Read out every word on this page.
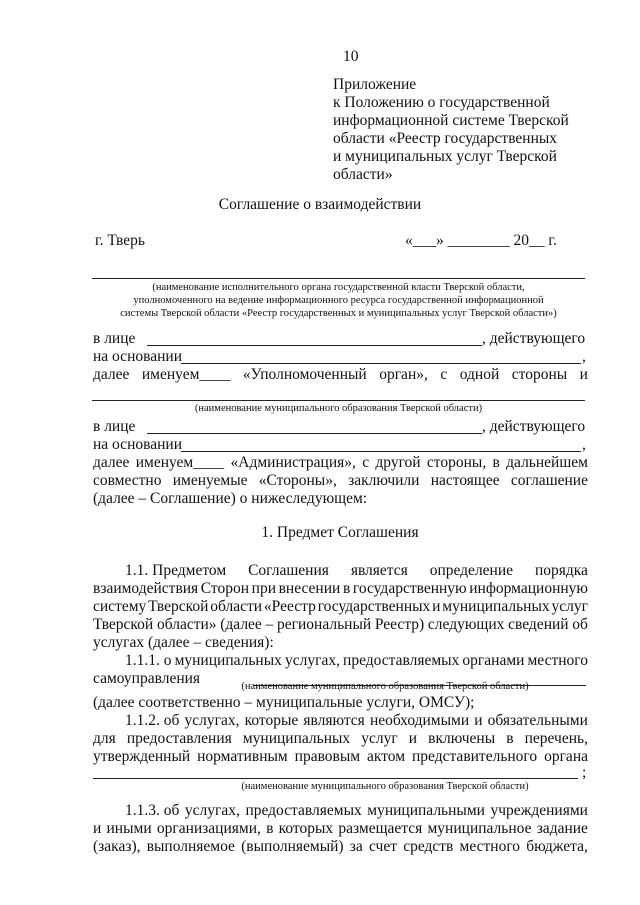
10
Приложение
к Положению о государственной
информационной системе Тверской
области «Реестр государственных
и муниципальных услуг Тверской
области»
Соглашение о взаимодействии
г. Тверь	«___» ________ 20__ г.
(наименование исполнительного органа государственной власти Тверской области,
уполномоченного на ведение информационного ресурса государственной информационной
системы Тверской области «Реестр государственных и муниципальных услуг Тверской области»)
в лице	, действующего
на основании	,
далее именуем____ «Уполномоченный орган», с одной стороны и
(наименование муниципального образования Тверской области)
в лице	, действующего
на основании	,
далее именуем____ «Администрация», с другой стороны, в дальнейшем
совместно именуемые «Стороны», заключили настоящее соглашение
(далее – Соглашение) о нижеследующем:
1. Предмет Соглашения
1.1. Предметом Соглашения является определение порядка
взаимодействия Сторон при внесении в государственную информационную
систему Тверской области «Реестр государственных и муниципальных услуг
Тверской области» (далее – региональный Реестр) следующих сведений об
услугах (далее – сведения):
1.1.1. о муниципальных услугах, предоставляемых органами местного
самоуправления	(наименование муниципального образования Тверской области)
(далее соответственно – муниципальные услуги, ОМСУ);
1.1.2. об услугах, которые являются необходимыми и обязательными
для предоставления муниципальных услуг и включены в перечень,
утвержденный нормативным правовым актом представительного органа
;
(наименование муниципального образования Тверской области)
1.1.3. об услугах, предоставляемых муниципальными учреждениями
и иными организациями, в которых размещается муниципальное задание
(заказ), выполняемое (выполняемый) за счет средств местного бюджета,
